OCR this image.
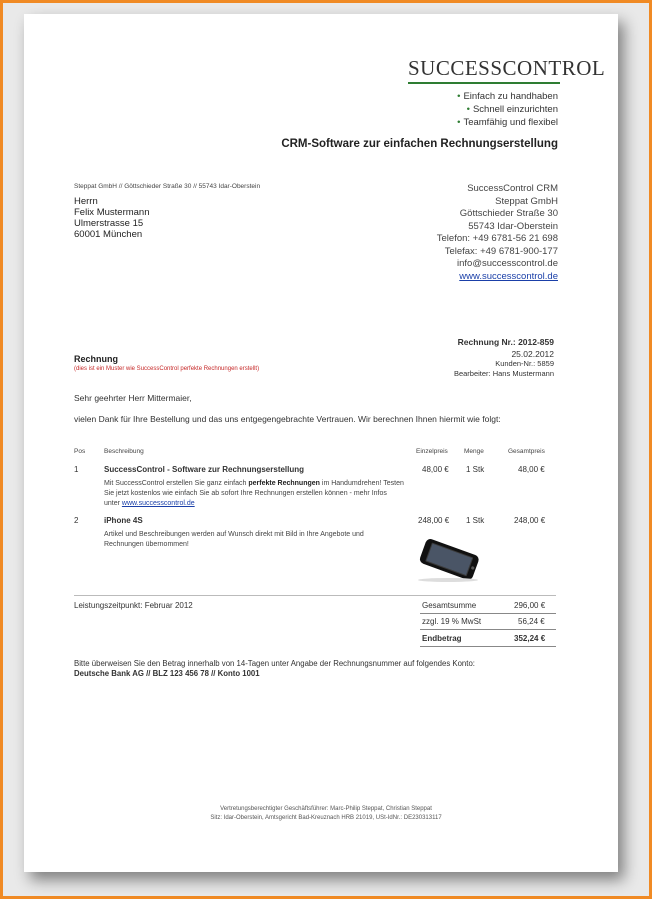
SUCCESSCONTROL
• Einfach zu handhaben
• Schnell einzurichten
• Teamfähig und flexibel
CRM-Software zur einfachen Rechnungserstellung
Steppat GmbH // Göttschieder Straße 30 // 55743 Idar-Oberstein
Herrn
Felix Mustermann
Ulmerstrasse 15
60001 München
SuccessControl CRM
Steppat GmbH
Göttschieder Straße 30
55743 Idar-Oberstein
Telefon: +49 6781-56 21 698
Telefax: +49 6781-900-177
info@successcontrol.de
www.successcontrol.de
Rechnung Nr.: 2012-859
25.02.2012
Kunden-Nr.: 5859
Bearbeiter: Hans Mustermann
Rechnung
(dies ist ein Muster wie SuccessControl perfekte Rechnungen erstellt)
Sehr geehrter Herr Mittermaier,
vielen Dank für Ihre Bestellung und das uns entgegengebrachte Vertrauen. Wir berechnen Ihnen hiermit wie folgt:
Pos	Beschreibung	Einzelpreis Menge	Gesamtpreis
1	SuccessControl - Software zur Rechnungserstellung	48,00 € 1 Stk	48,00 €
Mit SuccessControl erstellen Sie ganz einfach perfekte Rechnungen im Handumdrehen! Testen Sie jetzt kostenlos wie einfach Sie ab sofort Ihre Rechnungen erstellen können - mehr Infos unter www.successcontrol.de
2	iPhone 4S	248,00 € 1 Stk	248,00 €
Artikel und Beschreibungen werden auf Wunsch direkt mit Bild in Ihre Angebote und Rechnungen übernommen!
Leistungszeitpunkt: Februar 2012	Gesamtsumme	296,00 €
zzgl. 19 % MwSt	56,24 €
Endbetrag	352,24 €
Bitte überweisen Sie den Betrag innerhalb von 14-Tagen unter Angabe der Rechnungsnummer auf folgendes Konto:
Deutsche Bank AG // BLZ 123 456 78 // Konto 1001
Vertretungsberechtigter Geschäftsführer: Marc-Philip Steppat, Christian Steppat
Sitz: Idar-Oberstein, Amtsgericht Bad-Kreuznach HRB 21019, USt-IdNr.: DE230313117
